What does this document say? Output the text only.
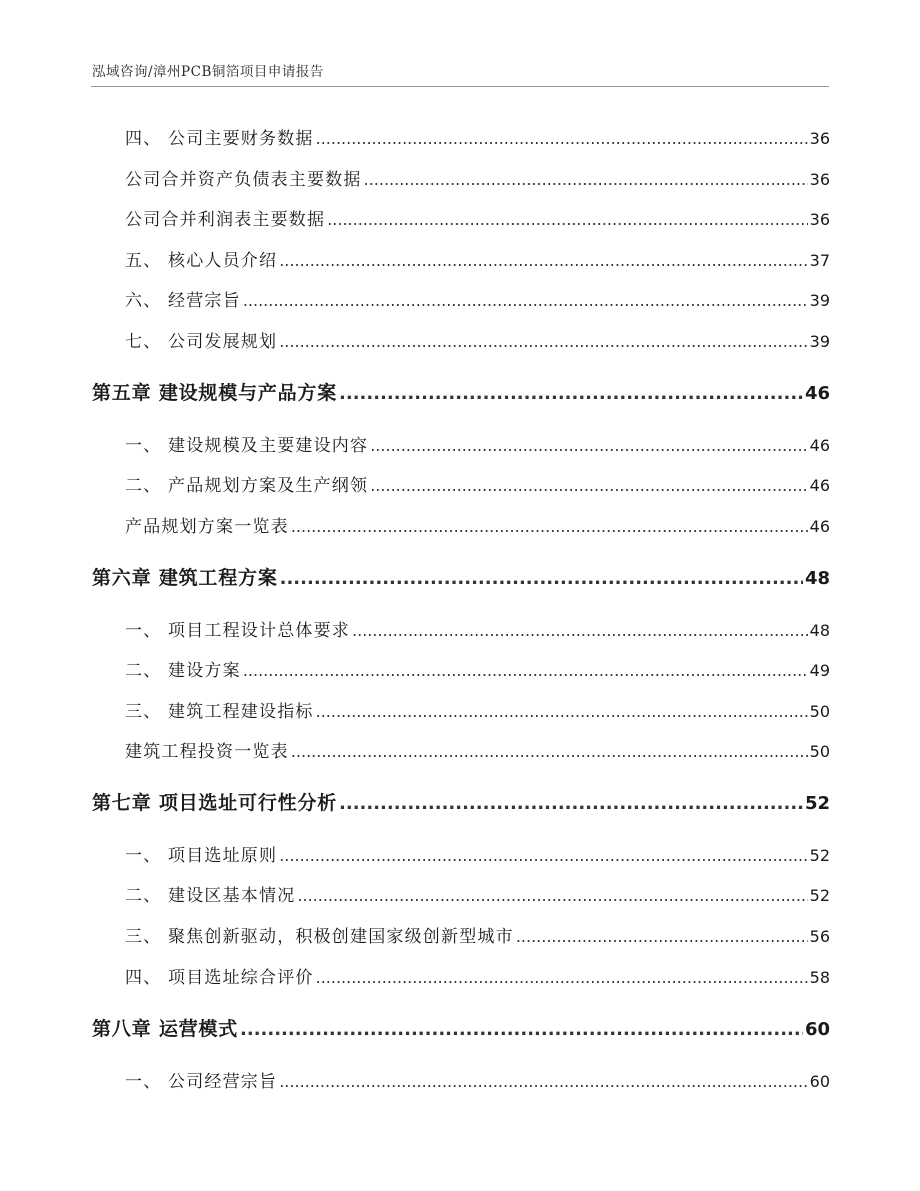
泓域咨询/漳州PCB铜箔项目申请报告
四、 公司主要财务数据 .....	36
公司合并资产负债表主要数据 .....	36
公司合并利润表主要数据 .....	36
五、 核心人员介绍 .....	37
六、 经营宗旨 .....	39
七、 公司发展规划 .....	39
第五章 建设规模与产品方案 .....	46
一、 建设规模及主要建设内容 .....	46
二、 产品规划方案及生产纲领 .....	46
产品规划方案一览表 .....	46
第六章 建筑工程方案 .....	48
一、 项目工程设计总体要求 .....	48
二、 建设方案 .....	49
三、 建筑工程建设指标 .....	50
建筑工程投资一览表 .....	50
第七章 项目选址可行性分析 .....	52
一、 项目选址原则 .....	52
二、 建设区基本情况 .....	52
三、 聚焦创新驱动，积极创建国家级创新型城市 .....	56
四、 项目选址综合评价 .....	58
第八章 运营模式 .....	60
一、 公司经营宗旨 .....	60
